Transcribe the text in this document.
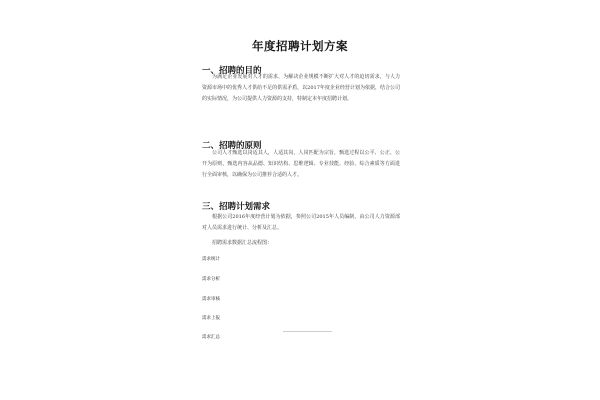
年度招聘计划方案
一、招聘的目的
为满足企业发展对人才的需求，为解决企业规模不断扩大对人才的迫切需求，与人力资源市场中的优秀人才供给不足的供需矛盾，以2017年度企业经营计划为依据，结合公司的实际情况，为公司提供人力资源的支持，特制定本年度招聘计划。
二、招聘的原则
公司人才甄选以岗适其人，人适其岗，人岗匹配为宗旨，甄选过程以公平、公正、公开为原则，甄选内容从品德、知识结构、思维逻辑、专业技能、经验、综合素质等方面进行全面审核，以确保为公司推荐合适的人才。
三、招聘计划需求
根据公司2016年度经营计划为依据，参照公司2015年人员编制，由公司人力资源部对人员需求进行统计、分析及汇总。
招聘需求数据汇总流程图：
需求统计
需求分析
需求审核
需求上报
需求汇总
